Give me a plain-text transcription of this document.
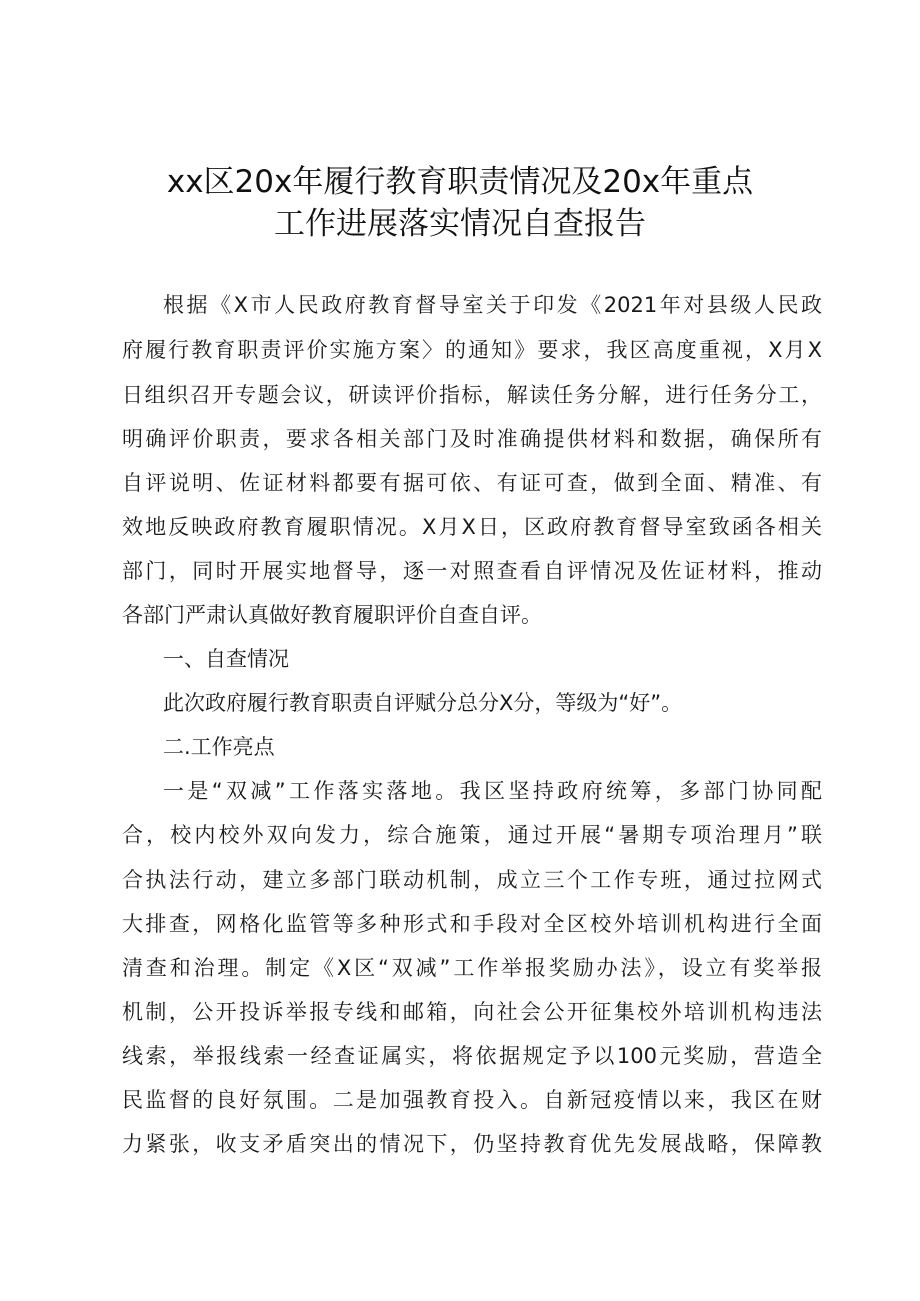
xx区20x年履行教育职责情况及20x年重点
工作进展落实情况自查报告
根据《X市人民政府教育督导室关于印发《2021年对县级人民政
府履行教育职责评价实施方案〉的通知》要求，我区高度重视，X月X
日组织召开专题会议，研读评价指标，解读任务分解，进行任务分工，
明确评价职责，要求各相关部门及时准确提供材料和数据，确保所有
自评说明、佐证材料都要有据可依、有证可查，做到全面、精准、有
效地反映政府教育履职情况。X月X日，区政府教育督导室致函各相关
部门，同时开展实地督导，逐一对照查看自评情况及佐证材料，推动
各部门严肃认真做好教育履职评价自查自评。
一、自查情况
此次政府履行教育职责自评赋分总分X分，等级为“好”。
二.工作亮点
一是“双减”工作落实落地。我区坚持政府统筹，多部门协同配
合，校内校外双向发力，综合施策，通过开展“暑期专项治理月”联
合执法行动，建立多部门联动机制，成立三个工作专班，通过拉网式
大排查，网格化监管等多种形式和手段对全区校外培训机构进行全面
清查和治理。制定《X区“双减”工作举报奖励办法》，设立有奖举报
机制，公开投诉举报专线和邮箱，向社会公开征集校外培训机构违法
线索，举报线索一经查证属实，将依据规定予以100元奖励，营造全
民监督的良好氛围。二是加强教育投入。自新冠疫情以来，我区在财
力紧张，收支矛盾突出的情况下，仍坚持教育优先发展战略，保障教
